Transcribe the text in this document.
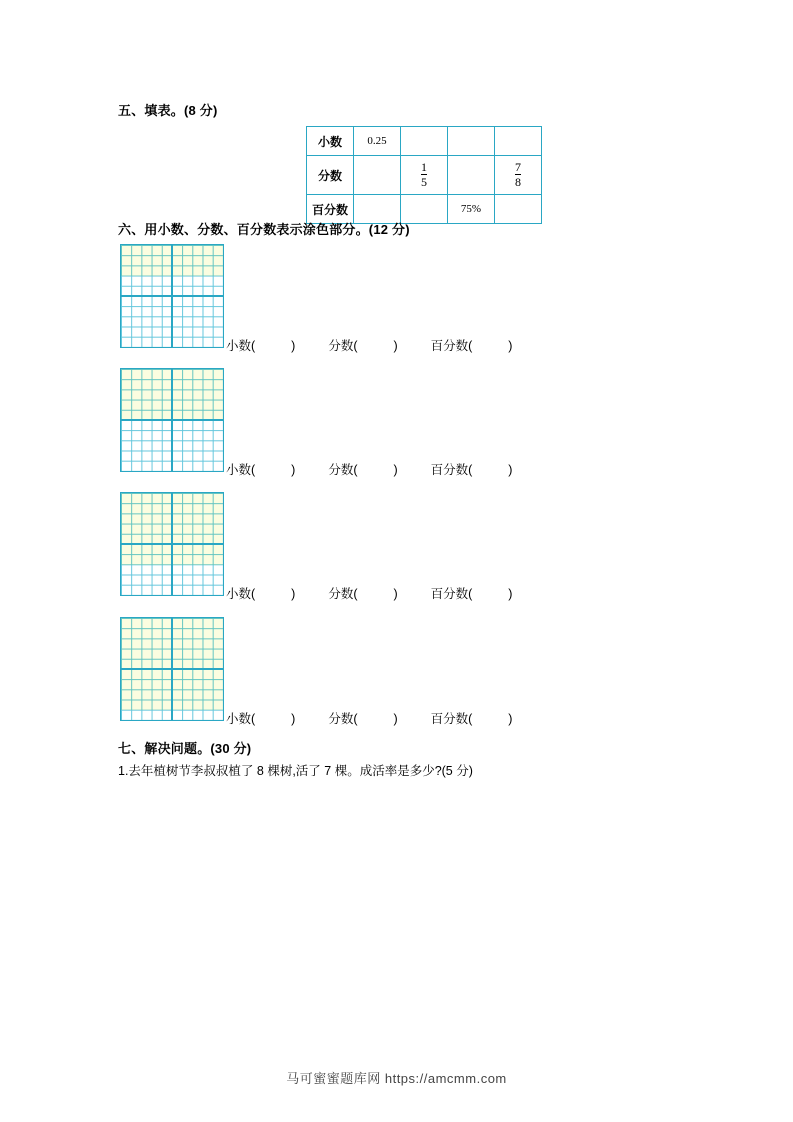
五、填表。(8 分)
小数	0.25			
分数		$\frac{1}{5}$		$\frac{7}{8}$

百分数			75%	
六、用小数、分数、百分数表示涂色部分。(12 分)
小数(	)	分数(	)	百分数(	)
小数(	)	分数(	)	百分数(	)
小数(	)	分数(	)	百分数(	)
小数(	)	分数(	)	百分数(	)
七、解决问题。(30 分)
1.去年植树节李叔叔植了 8 棵树,活了 7 棵。成活率是多少?(5 分)
马可蜜蜜题库网 https://amcmm.com
